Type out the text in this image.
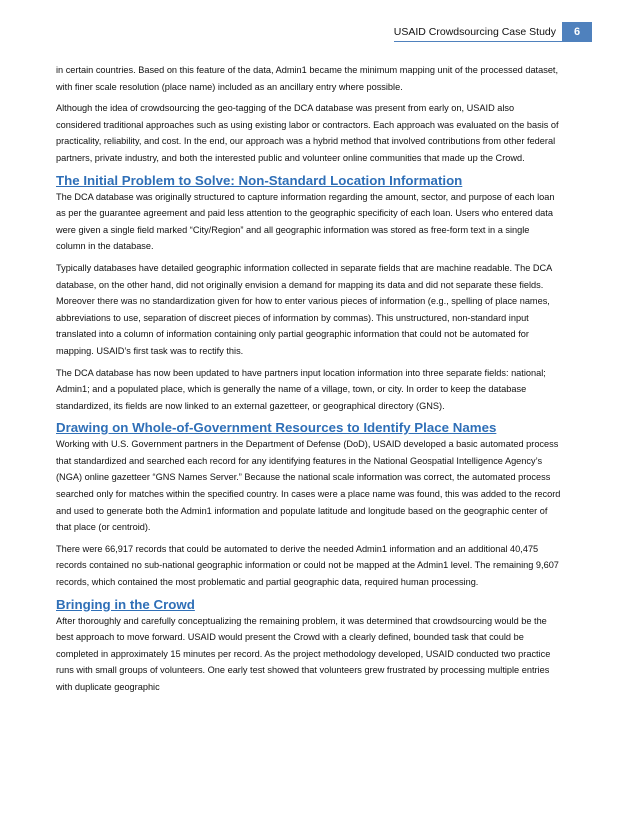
USAID Crowdsourcing Case Study	6

in certain countries. Based on this feature of the data, Admin1 became the minimum mapping unit of the processed dataset, with finer scale resolution (place name) included as an ancillary entry where possible.

Although the idea of crowdsourcing the geo-tagging of the DCA database was present from early on, USAID also considered traditional approaches such as using existing labor or contractors. Each approach was evaluated on the basis of practicality, reliability, and cost. In the end, our approach was a hybrid method that involved contributions from other federal partners, private industry, and both the interested public and volunteer online communities that made up the Crowd.

The Initial Problem to Solve: Non-Standard Location Information

The DCA database was originally structured to capture information regarding the amount, sector, and purpose of each loan as per the guarantee agreement and paid less attention to the geographic specificity of each loan. Users who entered data were given a single field marked “City/Region” and all geographic information was stored as free-form text in a single column in the database.

Typically databases have detailed geographic information collected in separate fields that are machine readable. The DCA database, on the other hand, did not originally envision a demand for mapping its data and did not separate these fields. Moreover there was no standardization given for how to enter various pieces of information (e.g., spelling of place names, abbreviations to use, separation of discreet pieces of information by commas). This unstructured, non-standard input translated into a column of information containing only partial geographic information that could not be automated for mapping. USAID’s first task was to rectify this.

The DCA database has now been updated to have partners input location information into three separate fields: national; Admin1; and a populated place, which is generally the name of a village, town, or city. In order to keep the database standardized, its fields are now linked to an external gazetteer, or geographical directory (GNS).

Drawing on Whole-of-Government Resources to Identify Place Names

Working with U.S. Government partners in the Department of Defense (DoD), USAID developed a basic automated process that standardized and searched each record for any identifying features in the National Geospatial Intelligence Agency’s (NGA) online gazetteer “GNS Names Server.” Because the national scale information was correct, the automated process searched only for matches within the specified country. In cases were a place name was found, this was added to the record and used to generate both the Admin1 information and populate latitude and longitude based on the geographic center of that place (or centroid).

There were 66,917 records that could be automated to derive the needed Admin1 information and an additional 40,475 records contained no sub-national geographic information or could not be mapped at the Admin1 level. The remaining 9,607 records, which contained the most problematic and partial geographic data, required human processing.

Bringing in the Crowd

After thoroughly and carefully conceptualizing the remaining problem, it was determined that crowdsourcing would be the best approach to move forward. USAID would present the Crowd with a clearly defined, bounded task that could be completed in approximately 15 minutes per record. As the project methodology developed, USAID conducted two practice runs with small groups of volunteers. One early test showed that volunteers grew frustrated by processing multiple entries with duplicate geographic
